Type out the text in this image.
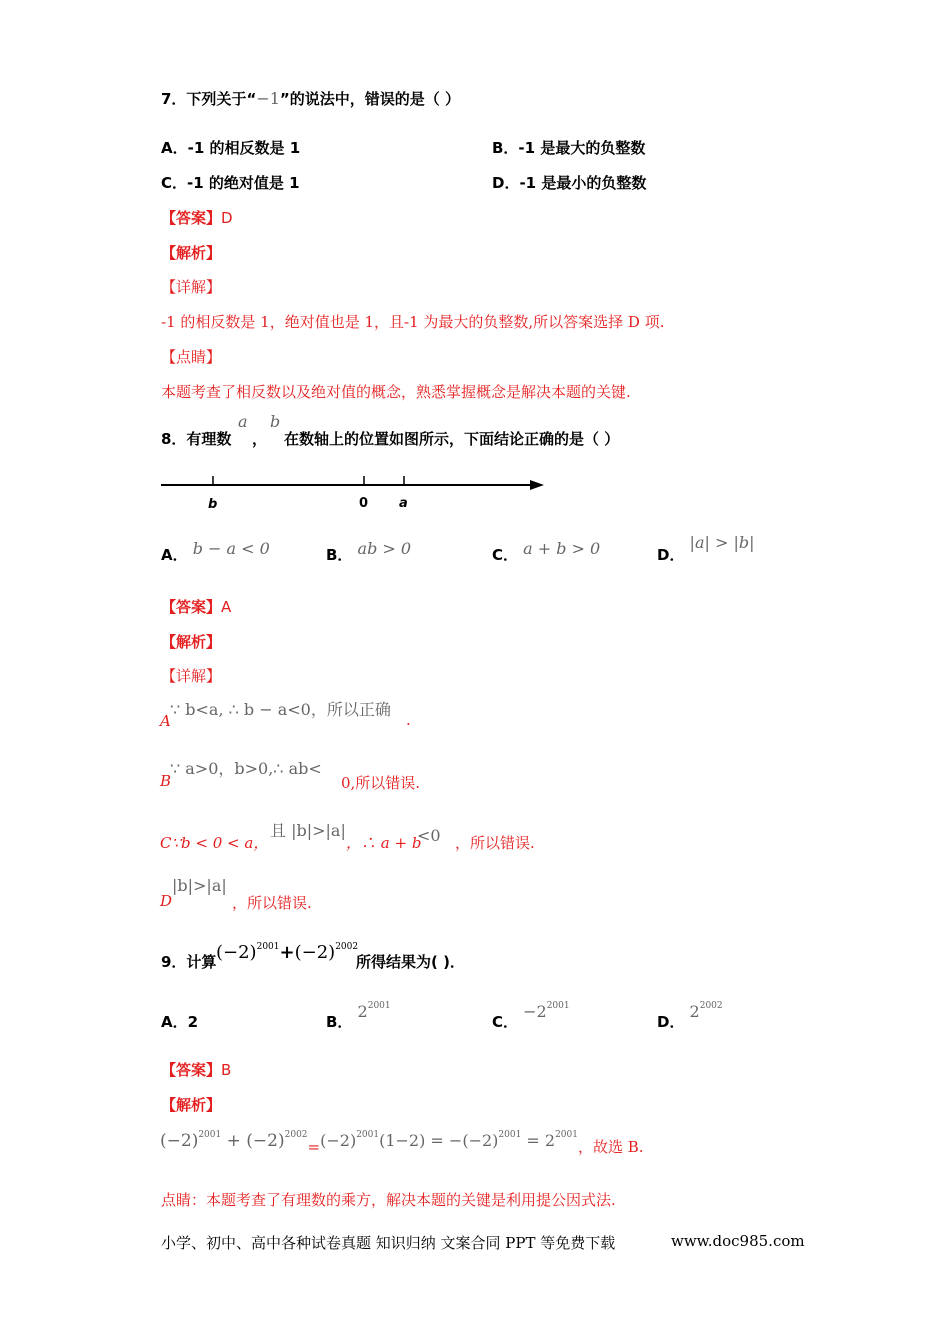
7．下列关于“−1”的说法中，错误的是（ ）
A．-1 的相反数是 1	B．-1 是最大的负整数
C．-1 的绝对值是 1	D．-1 是最小的负整数
【答案】D
【解析】
【详解】
-1 的相反数是 1，绝对值也是 1，且-1 为最大的负整数,所以答案选择 D 项.
【点睛】
本题考查了相反数以及绝对值的概念，熟悉掌握概念是解决本题的关键.
8．有理数
a
，
b
在数轴上的位置如图所示，下面结论正确的是（ ）
b	0 a
A． b − a < 0	B． ab > 0	C． a + b > 0	D． |a| > |b|
【答案】A
【解析】
【详解】
A
∵ b<a, ∴ b − a<0，所以正确
.
B
∵ a>0，b>0,∴ ab<
0,所以错误.
C∵b < 0 < a，
且 |b|>|a|
，∴ a + b
<0 ，所以错误.
D
|b|>|a|
，所以错误.
9．计算 $(-2)^{2001}+(-2)^{2002}$
所得结果为( )．
A．2	B． $2^{2001}$
C． $-2^{2001}$
D． $2^{2002}$
【答案】B
【解析】
$(-2)^{2001} + (-2)^{2002}=(-2)^{2001}(1-2) = -(-2)^{2001} = 2^{2001}$，故选 B.
点睛：本题考查了有理数的乘方，解决本题的关键是利用提公因式法.
小学、初中、高中各种试卷真题 知识归纳 文案合同 PPT 等免费下载	www.doc985.com
